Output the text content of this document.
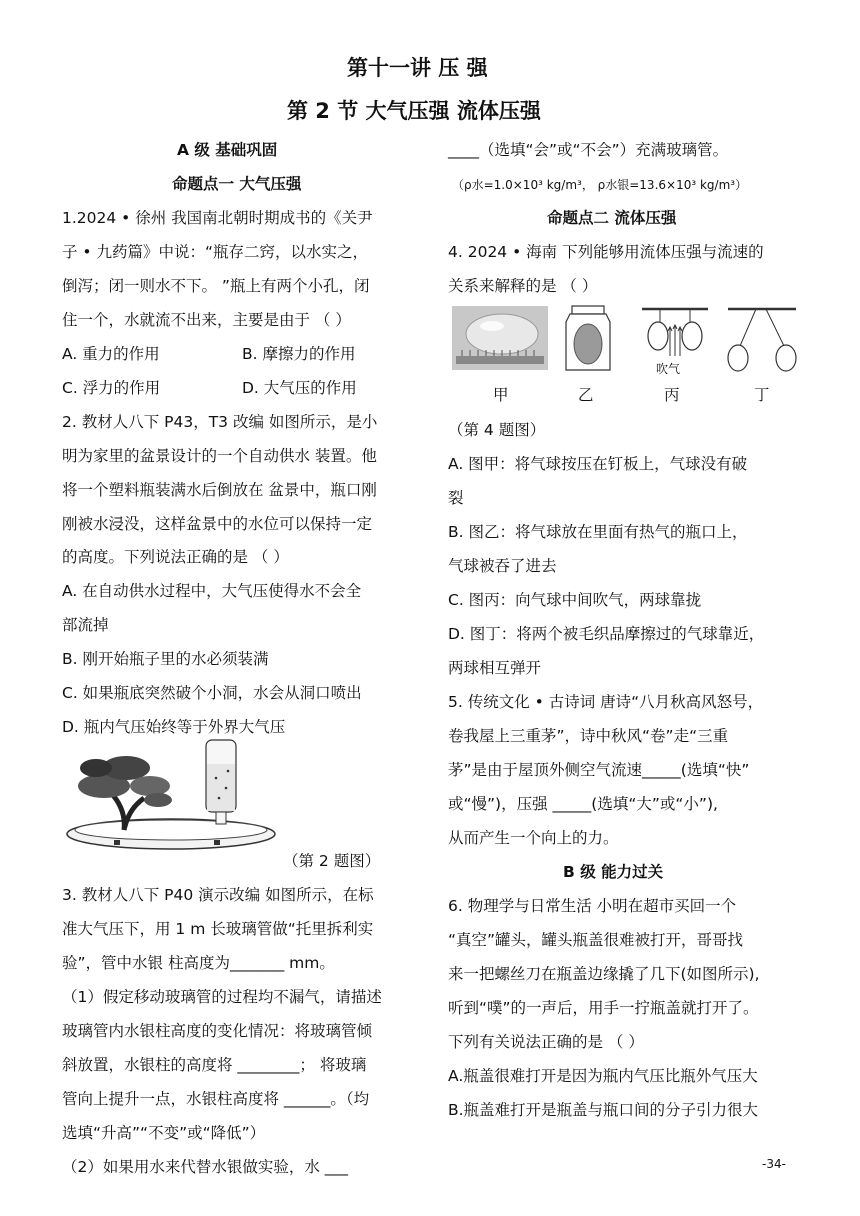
第十一讲 压 强
第 2 节 大气压强 流体压强
A 级 基础巩固
命题点一 大气压强
1.2024 • 徐州 我国南北朝时期成书的《关尹
子 • 九药篇》中说：“瓶存二窍，以水实之，
倒泻；闭一则水不下。 ”瓶上有两个小孔，闭
住一个，水就流不出来，主要是由于 （ ）
A. 重力的作用	B. 摩擦力的作用
C. 浮力的作用	D. 大气压的作用
2. 教材人八下 P43，T3 改编 如图所示，是小
明为家里的盆景设计的一个自动供水 装置。他
将一个塑料瓶装满水后倒放在 盆景中，瓶口刚
刚被水浸没，这样盆景中的水位可以保持一定
的高度。下列说法正确的是 （ ）
A. 在自动供水过程中，大气压使得水不会全
部流掉
B. 刚开始瓶子里的水必须装满
C. 如果瓶底突然破个小洞，水会从洞口喷出
D. 瓶内气压始终等于外界大气压
（第 2 题图）
3. 教材人八下 P40 演示改编 如图所示，在标
准大气压下，用 1 m 长玻璃管做“托里拆利实
验”，管中水银 柱高度为_______ mm。
（1）假定移动玻璃管的过程均不漏气，请描述
玻璃管内水银柱高度的变化情况：将玻璃管倾
斜放置，水银柱的高度将 ________； 将玻璃
管向上提升一点，水银柱高度将 ______。（均
选填“升高”“不变”或“降低”）
（2）如果用水来代替水银做实验，水 ___
____（选填“会”或“不会”）充满玻璃管。
（ρ水=1.0×10³ kg/m³， ρ水银=13.6×10³ kg/m³）
命题点二 流体压强
4. 2024 • 海南 下列能够用流体压强与流速的
关系来解释的是 （ ）
吹气
甲	乙	丙	丁
（第 4 题图）
A. 图甲：将气球按压在钉板上，气球没有破
裂
B. 图乙：将气球放在里面有热气的瓶口上，
气球被吞了进去
C. 图丙：向气球中间吹气，两球靠拢
D. 图丁：将两个被毛织品摩擦过的气球靠近，
两球相互弹开
5. 传统文化 • 古诗词 唐诗“八月秋高风怒号，
卷我屋上三重茅”，诗中秋风“卷”走“三重
茅”是由于屋顶外侧空气流速_____(选填“快”
或“慢”)，压强 _____(选填“大”或“小”),
从而产生一个向上的力。
B 级 能力过关
6. 物理学与日常生活 小明在超市买回一个
“真空”罐头，罐头瓶盖很难被打开，哥哥找
来一把螺丝刀在瓶盖边缘撬了几下(如图所示),
听到“噗”的一声后，用手一拧瓶盖就打开了。
下列有关说法正确的是 （ ）
A.瓶盖很难打开是因为瓶内气压比瓶外气压大
B.瓶盖难打开是瓶盖与瓶口间的分子引力很大
-34-
